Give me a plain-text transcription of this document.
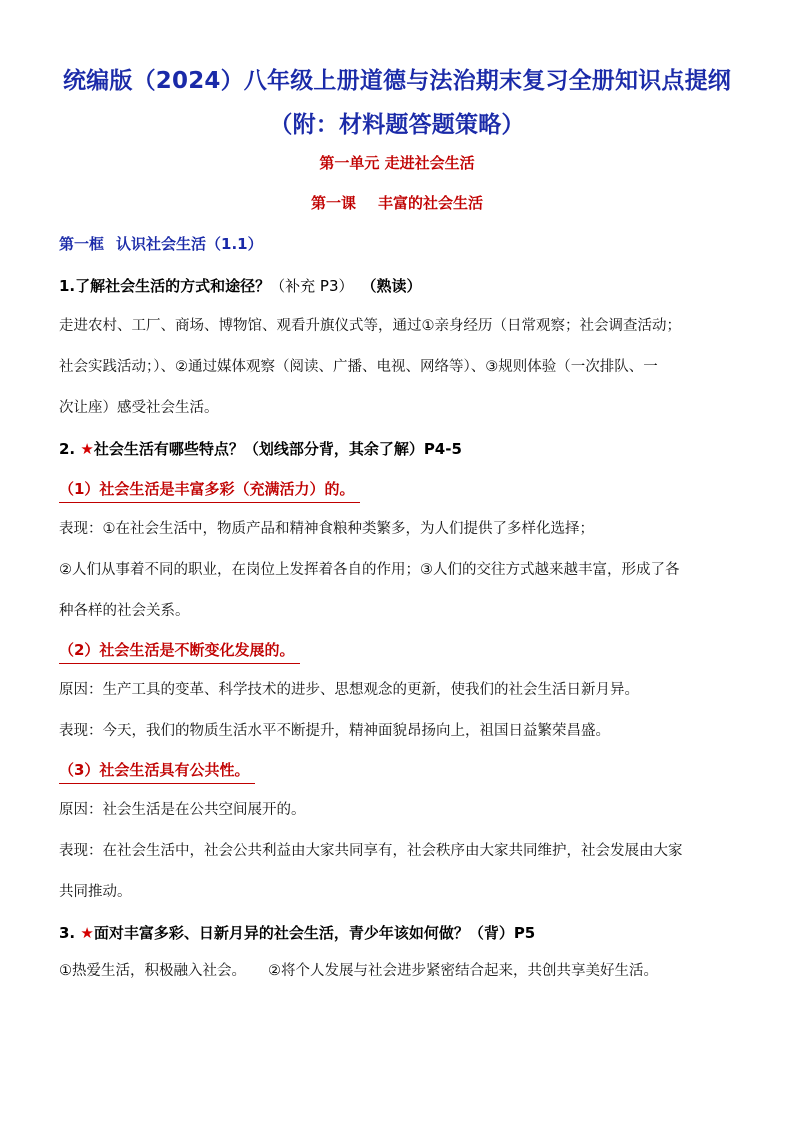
统编版（2024）八年级上册道德与法治期末复习全册知识点提纲
（附：材料题答题策略）
第一单元 走进社会生活
第一课 丰富的社会生活
第一框 认识社会生活（1.1）
1.了解社会生活的方式和途径？（补充 P3） （熟读）
走进农村、工厂、商场、博物馆、观看升旗仪式等，通过①亲身经历（日常观察；社会调查活动；
社会实践活动；）、②通过媒体观察（阅读、广播、电视、网络等）、③规则体验（一次排队、一
次让座）感受社会生活。
2. ★社会生活有哪些特点？（划线部分背，其余了解）P4-5
（1）社会生活是丰富多彩（充满活力）的。
表现：①在社会生活中，物质产品和精神食粮种类繁多，为人们提供了多样化选择；
②人们从事着不同的职业，在岗位上发挥着各自的作用；③人们的交往方式越来越丰富，形成了各
种各样的社会关系。
（2）社会生活是不断变化发展的。
原因：生产工具的变革、科学技术的进步、思想观念的更新，使我们的社会生活日新月异。
表现：今天，我们的物质生活水平不断提升，精神面貌昂扬向上，祖国日益繁荣昌盛。
（3）社会生活具有公共性。
原因：社会生活是在公共空间展开的。
表现：在社会生活中，社会公共利益由大家共同享有，社会秩序由大家共同维护，社会发展由大家
共同推动。
3. ★面对丰富多彩、日新月异的社会生活，青少年该如何做？（背）P5
①热爱生活，积极融入社会。 ②将个人发展与社会进步紧密结合起来，共创共享美好生活。
